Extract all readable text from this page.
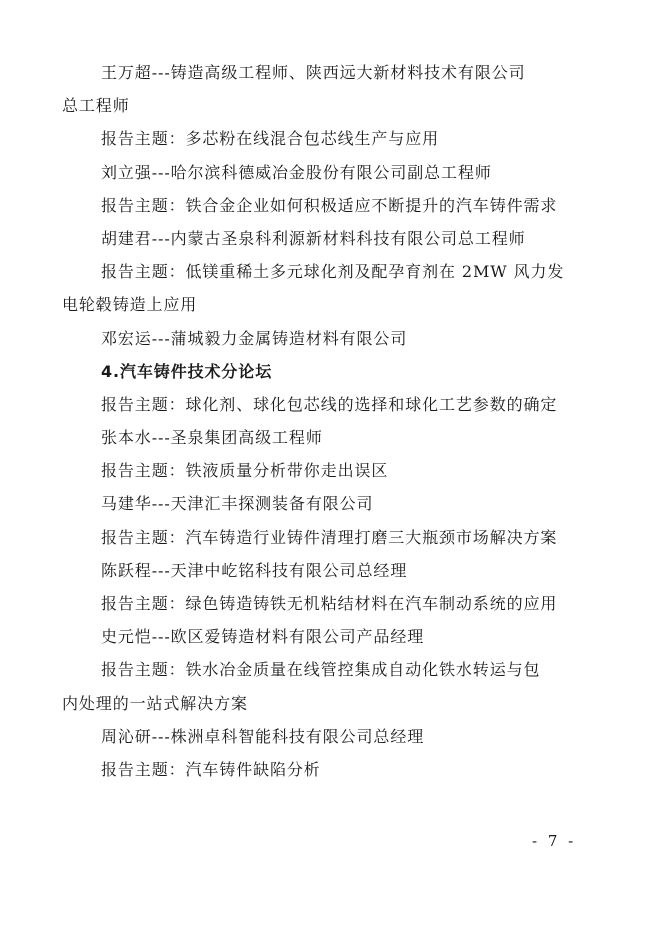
王万超---铸造高级工程师、陕西远大新材料技术有限公司
总工程师
报告主题：多芯粉在线混合包芯线生产与应用
刘立强---哈尔滨科德威冶金股份有限公司副总工程师
报告主题：铁合金企业如何积极适应不断提升的汽车铸件需求
胡建君---内蒙古圣泉科利源新材料科技有限公司总工程师
报告主题：低镁重稀土多元球化剂及配孕育剂在 2MW 风力发
电轮毂铸造上应用
邓宏运---蒲城毅力金属铸造材料有限公司
4.汽车铸件技术分论坛
报告主题：球化剂、球化包芯线的选择和球化工艺参数的确定
张本水---圣泉集团高级工程师
报告主题：铁液质量分析带你走出误区
马建华---天津汇丰探测装备有限公司
报告主题：汽车铸造行业铸件清理打磨三大瓶颈市场解决方案
陈跃程---天津中屹铭科技有限公司总经理
报告主题：绿色铸造铸铁无机粘结材料在汽车制动系统的应用
史元恺---欧区爱铸造材料有限公司产品经理
报告主题：铁水冶金质量在线管控集成自动化铁水转运与包
内处理的一站式解决方案
周沁研---株洲卓科智能科技有限公司总经理
报告主题：汽车铸件缺陷分析
- 7 -
